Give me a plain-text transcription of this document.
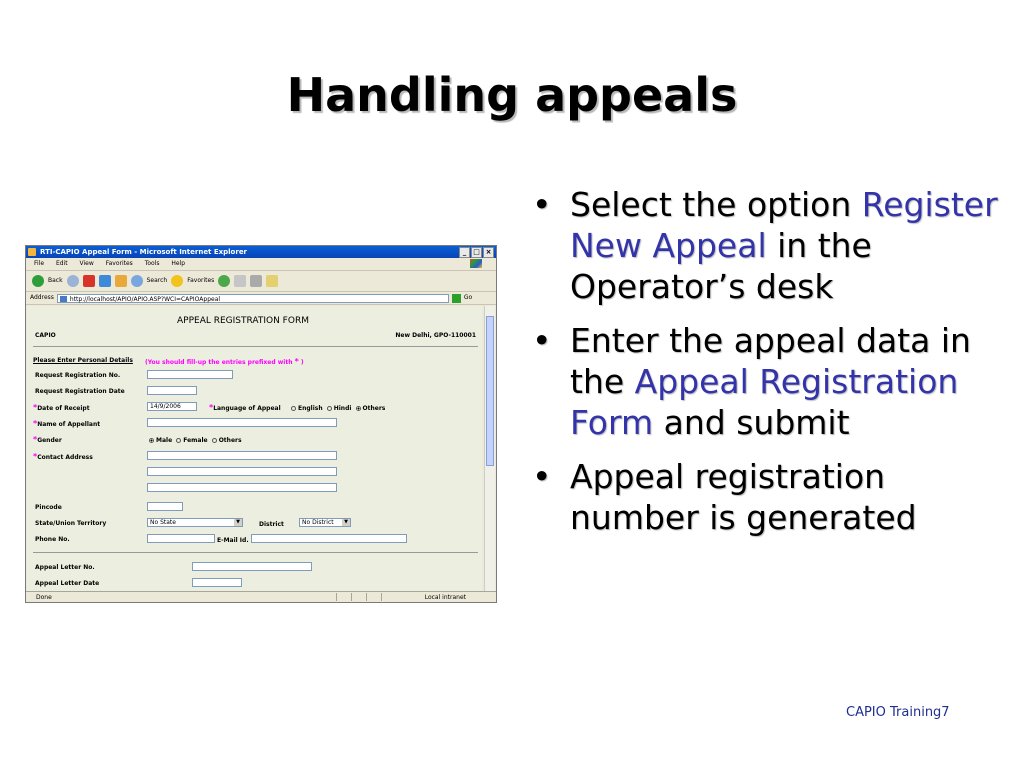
Handling appeals
• Select the option Register New Appeal in the Operator’s desk
• Enter the appeal data in the Appeal Registration Form and submit
• Appeal registration number is generated
RTI-CAPIO Appeal Form - Microsoft Internet Explorer	_ □ ×
File Edit View Favorites Tools Help
Back	Search	Favorites
Address	http://localhost/APIO/APIO.ASP?WCI=CAPIOAppeal	Go
APPEAL REGISTRATION FORM
CAPIO	New Delhi, GPO-110001
Please Enter Personal Details (You should fill-up the entries prefixed with * )
Request Registration No.
Request Registration Date
*Date of Receipt	14/9/2006	*Language of Appeal	English Hindi Others
*Name of Appellant
*Gender	Male Female Others
*Contact Address
Pincode
State/Union Territory	No State	▼	District	No District	▼
Phone No.	E-Mail Id.
Appeal Letter No.
Appeal Letter Date
Done	Local intranet
CAPIO Training7
